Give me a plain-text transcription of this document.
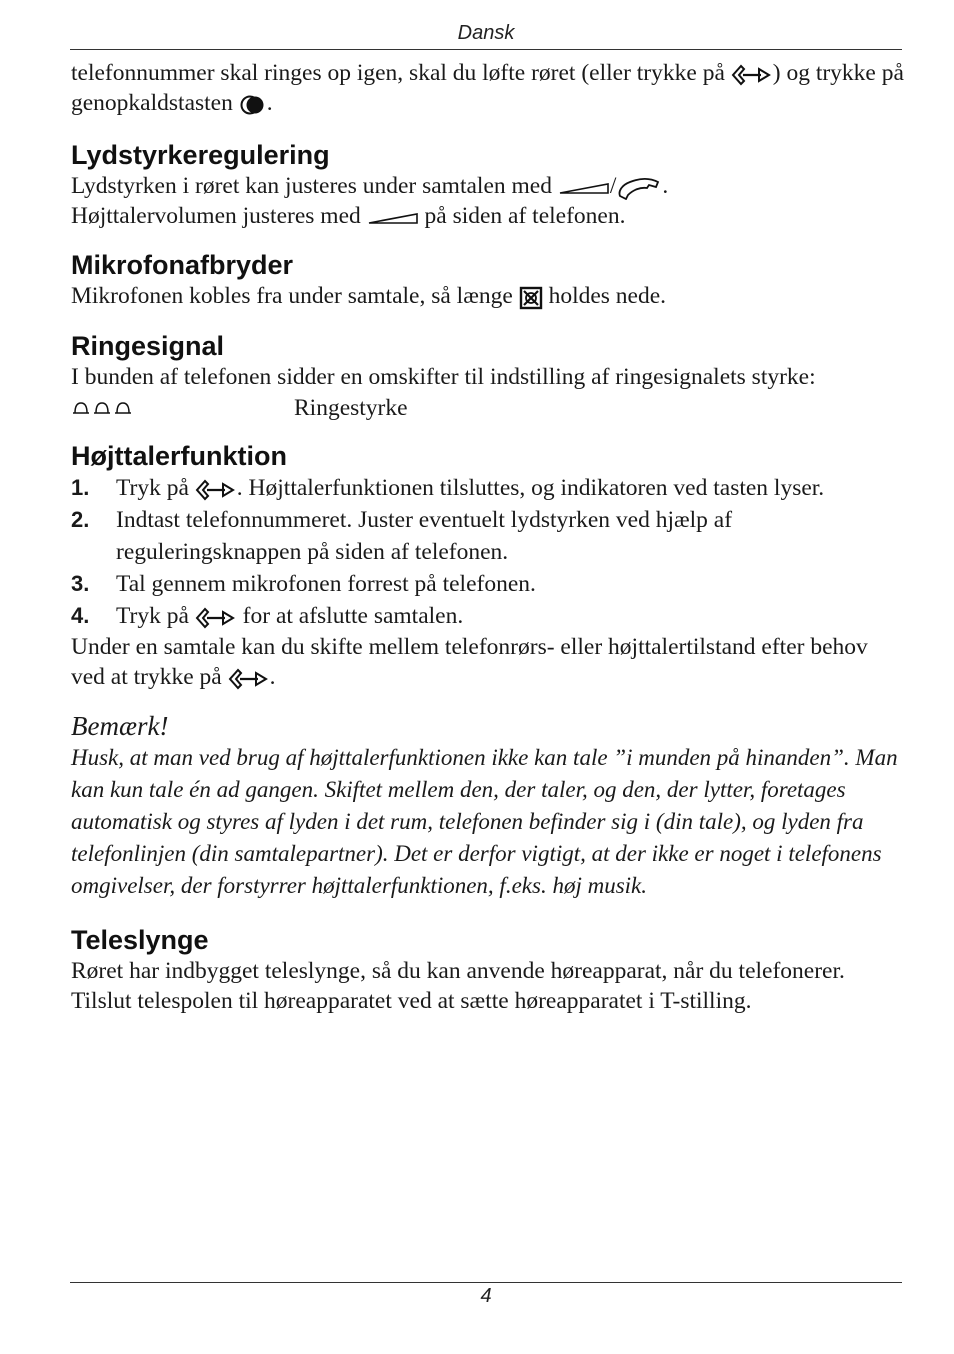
Dansk

telefonnummer skal ringes op igen, skal du løfte røret (eller trykke på ) og trykke på genopkaldstasten .

Lydstyrkeregulering

Lydstyrken i røret kan justeres under samtalen med / .

Højttalervolumen justeres med	på siden af telefonen.

Mikrofonafbryder

Mikrofonen kobles fra under samtale, så længe holdes nede.

Ringesignal

I bunden af telefonen sidder en omskifter til indstilling af ringesignalets styrke:

Ringestyrke
Højttalerfunktion
1.	Tryk på . Højttalerfunktionen tilsluttes, og indikatoren ved tasten lyser.
2.	Indtast telefonnummeret. Juster eventuelt lydstyrken ved hjælp af reguleringsknappen på siden af telefonen.
3.	Tal gennem mikrofonen forrest på telefonen.
4.	Tryk på for at afslutte samtalen.

Under en samtale kan du skifte mellem telefonrørs- eller højttalertilstand efter behov ved at trykke på .

Bemærk!
Husk, at man ved brug af højttalerfunktionen ikke kan tale ”i munden på hinanden”. Man kan kun tale én ad gangen. Skiftet mellem den, der taler, og den, der lytter, foretages automatisk og styres af lyden i det rum, telefonen befinder sig i (din tale), og lyden fra telefonlinjen (din samtalepartner). Det er derfor vigtigt, at der ikke er noget i telefonens omgivelser, der forstyrrer højttalerfunktionen, f.eks. høj musik.
Teleslynge

Røret har indbygget teleslynge, så du kan anvende høreapparat, når du telefonerer. Tilslut telespolen til høreapparatet ved at sætte høreapparatet i T-stilling.

4
